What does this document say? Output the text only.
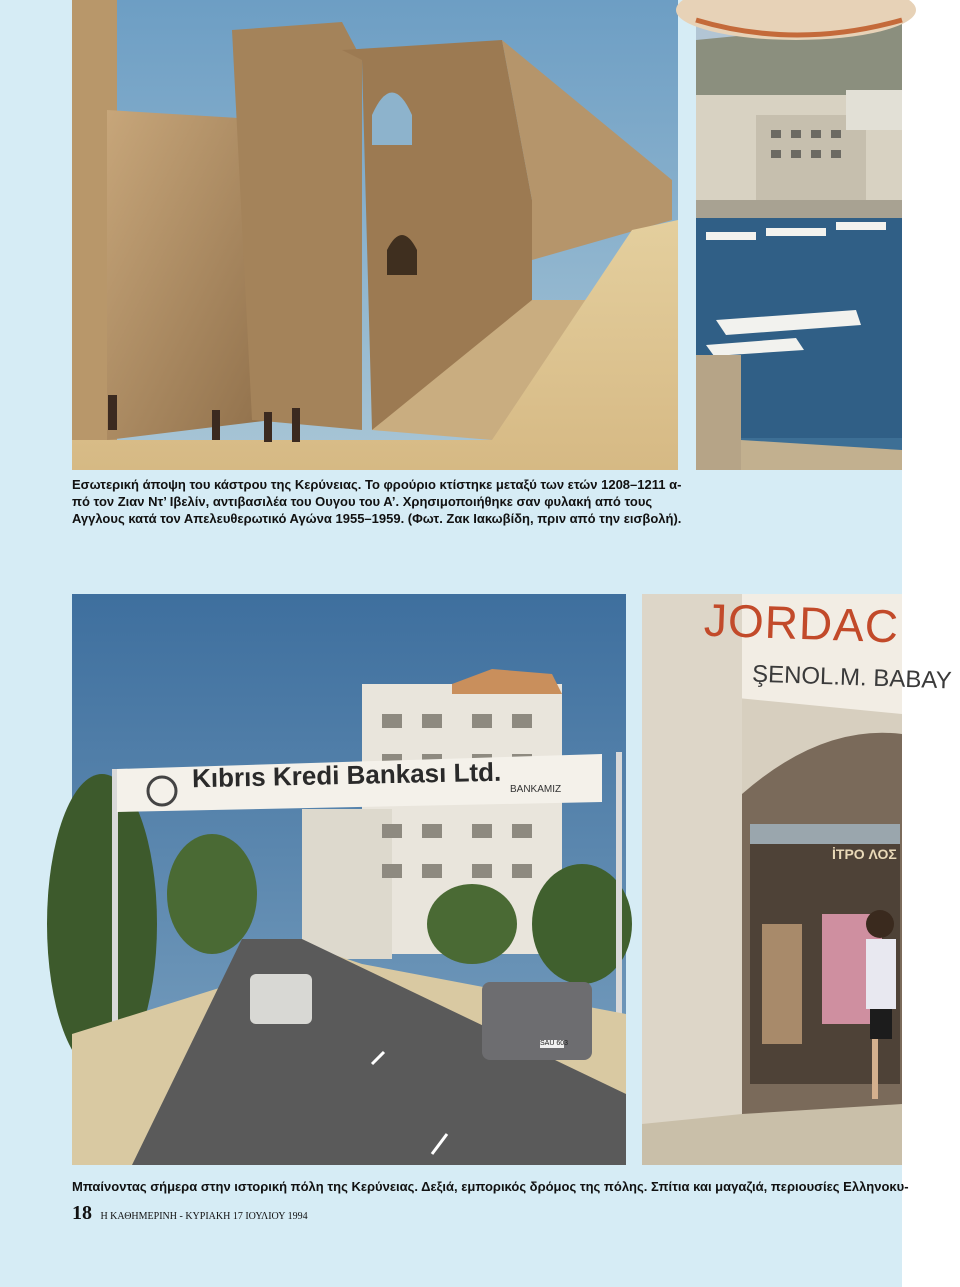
Εσωτερική άποψη του κάστρου της Κερύνειας. Το φρούριο κτίστηκε μεταξύ των ετών 1208–1211 α-πό τον Ζιαν Ντ’ Ιβελίν, αντιβασιλέα του Ουγου του Α’. Χρησιμοποιήθηκε σαν φυλακή από τους Αγγλους κατά τον Απελευθερωτικό Αγώνα 1955–1959. (Φωτ. Ζακ Ιακωβίδη, πριν από την εισβολή).
Kıbrıs Kredi Bankası Ltd. BANKAMIZ
SAU 603
JORDAC
ŞENOL.M. BABAY
İTPO ΛΟΣ
Μπαίνοντας σήμερα στην ιστορική πόλη της Κερύνειας. Δεξιά, εμπορικός δρόμος της πόλης. Σπίτια και μαγαζιά, περιουσίες Ελληνοκυ-
18 Η ΚΑΘΗΜΕΡΙΝΗ - ΚΥΡΙΑΚΗ 17 ΙΟΥΛΙΟΥ 1994
